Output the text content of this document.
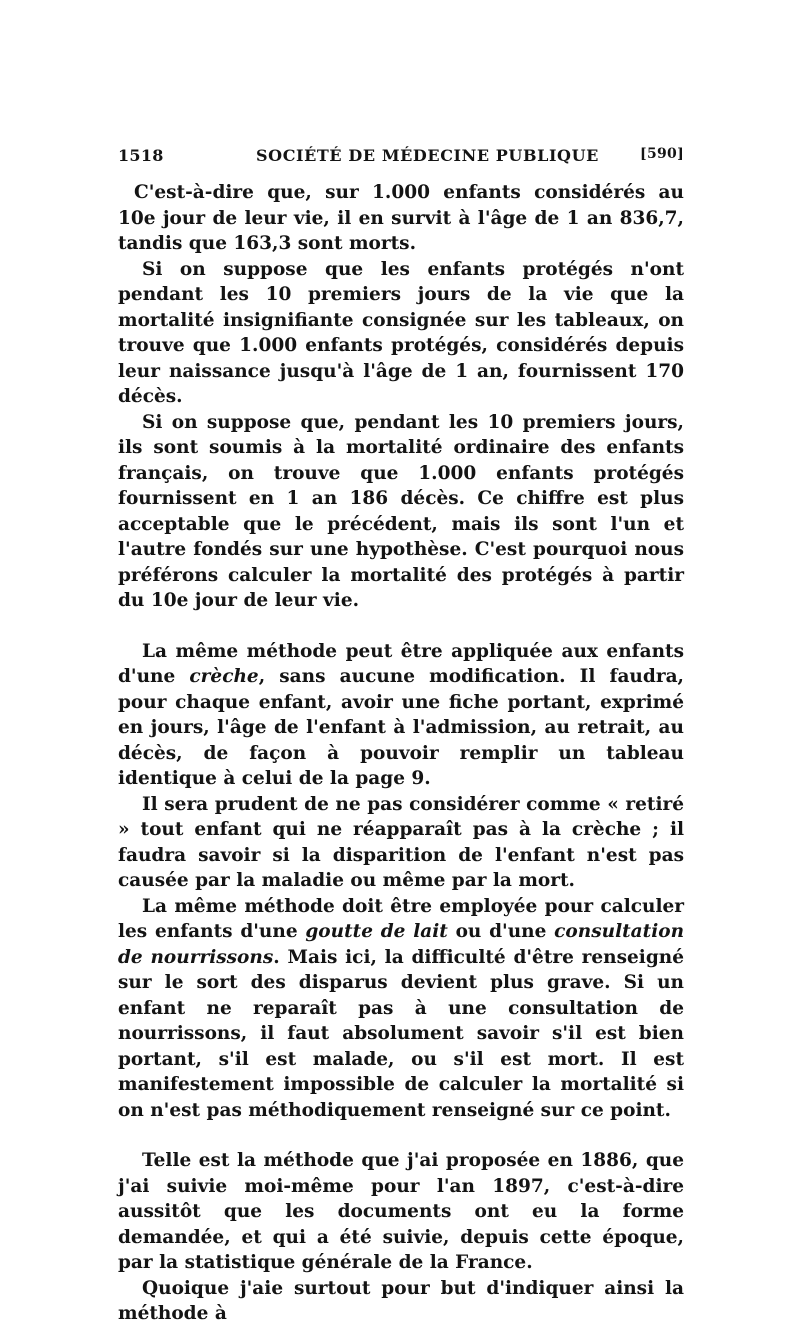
1518	SOCIÉTÉ DE MÉDECINE PUBLIQUE	[590]

C'est-à-dire que, sur 1.000 enfants considérés au 10e jour de leur vie, il en survit à l'âge de 1 an 836,7, tandis que 163,3 sont morts.

Si on suppose que les enfants protégés n'ont pendant les 10 premiers jours de la vie que la mortalité insignifiante consignée sur les tableaux, on trouve que 1.000 enfants protégés, considérés depuis leur naissance jusqu'à l'âge de 1 an, fournissent 170 décès.

Si on suppose que, pendant les 10 premiers jours, ils sont soumis à la mortalité ordinaire des enfants français, on trouve que 1.000 enfants protégés fournissent en 1 an 186 décès. Ce chiffre est plus acceptable que le précédent, mais ils sont l'un et l'autre fondés sur une hypothèse. C'est pourquoi nous préférons calculer la mortalité des protégés à partir du 10e jour de leur vie.

La même méthode peut être appliquée aux enfants d'une crèche, sans aucune modification. Il faudra, pour chaque enfant, avoir une fiche portant, exprimé en jours, l'âge de l'enfant à l'admission, au retrait, au décès, de façon à pouvoir remplir un tableau identique à celui de la page 9.

Il sera prudent de ne pas considérer comme « retiré » tout enfant qui ne réapparaît pas à la crèche ; il faudra savoir si la disparition de l'enfant n'est pas causée par la maladie ou même par la mort.

La même méthode doit être employée pour calculer les enfants d'une goutte de lait ou d'une consultation de nourrissons. Mais ici, la difficulté d'être renseigné sur le sort des disparus devient plus grave. Si un enfant ne reparaît pas à une consultation de nourrissons, il faut absolument savoir s'il est bien portant, s'il est malade, ou s'il est mort. Il est manifestement impossible de calculer la mortalité si on n'est pas méthodiquement renseigné sur ce point.

Telle est la méthode que j'ai proposée en 1886, que j'ai suivie moi-même pour l'an 1897, c'est-à-dire aussitôt que les documents ont eu la forme demandée, et qui a été suivie, depuis cette époque, par la statistique générale de la France.

Quoique j'aie surtout pour but d'indiquer ainsi la méthode à
